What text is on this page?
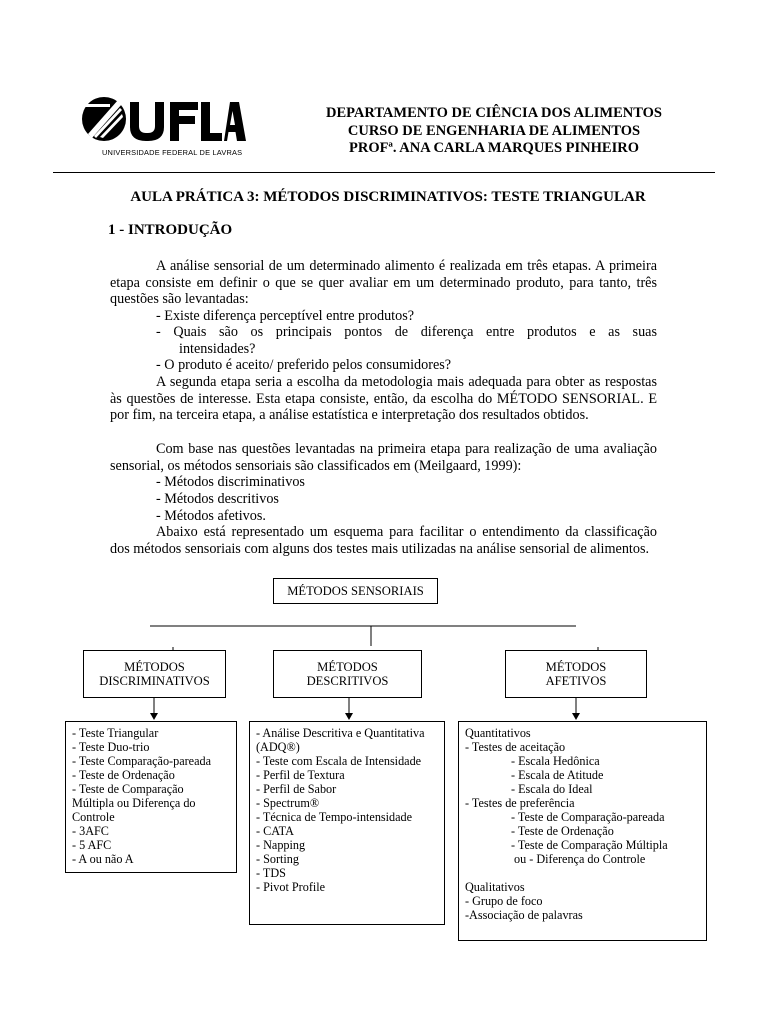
UNIVERSIDADE FEDERAL DE LAVRAS
DEPARTAMENTO DE CIÊNCIA DOS ALIMENTOS
CURSO DE ENGENHARIA DE ALIMENTOS
PROFª. ANA CARLA MARQUES PINHEIRO
AULA PRÁTICA 3: MÉTODOS DISCRIMINATIVOS: TESTE TRIANGULAR
1 - INTRODUÇÃO
A análise sensorial de um determinado alimento é realizada em três etapas. A primeira etapa consiste em definir o que se quer avaliar em um determinado produto, para tanto, três questões são levantadas:
- Existe diferença perceptível entre produtos?
- Quais são os principais pontos de diferença entre produtos e as suas
intensidades?
- O produto é aceito/ preferido pelos consumidores?
A segunda etapa seria a escolha da metodologia mais adequada para obter as respostas às questões de interesse. Esta etapa consiste, então, da escolha do MÉTODO SENSORIAL. E por fim, na terceira etapa, a análise estatística e interpretação dos resultados obtidos.
Com base nas questões levantadas na primeira etapa para realização de uma avaliação sensorial, os métodos sensoriais são classificados em (Meilgaard, 1999):
- Métodos discriminativos
- Métodos descritivos
- Métodos afetivos.
Abaixo está representado um esquema para facilitar o entendimento da classificação dos métodos sensoriais com alguns dos testes mais utilizadas na análise sensorial de alimentos.
MÉTODOS SENSORIAIS
MÉTODOS
DISCRIMINATIVOS
MÉTODOS
DESCRITIVOS
MÉTODOS
AFETIVOS
- Teste Triangular
- Teste Duo-trio
- Teste Comparação-pareada
- Teste de Ordenação
- Teste de Comparação
Múltipla ou Diferença do
Controle
- 3AFC
- 5 AFC
- A ou não A
- Análise Descritiva e Quantitativa
(ADQ®)
- Teste com Escala de Intensidade
- Perfil de Textura
- Perfil de Sabor
- Spectrum®
- Técnica de Tempo-intensidade
- CATA
- Napping
- Sorting
- TDS
- Pivot Profile
Quantitativos
- Testes de aceitação
- Escala Hedônica
- Escala de Atitude
- Escala do Ideal
- Testes de preferência
- Teste de Comparação-pareada
- Teste de Ordenação
- Teste de Comparação Múltipla
ou - Diferença do Controle
Qualitativos
- Grupo de foco
-Associação de palavras
